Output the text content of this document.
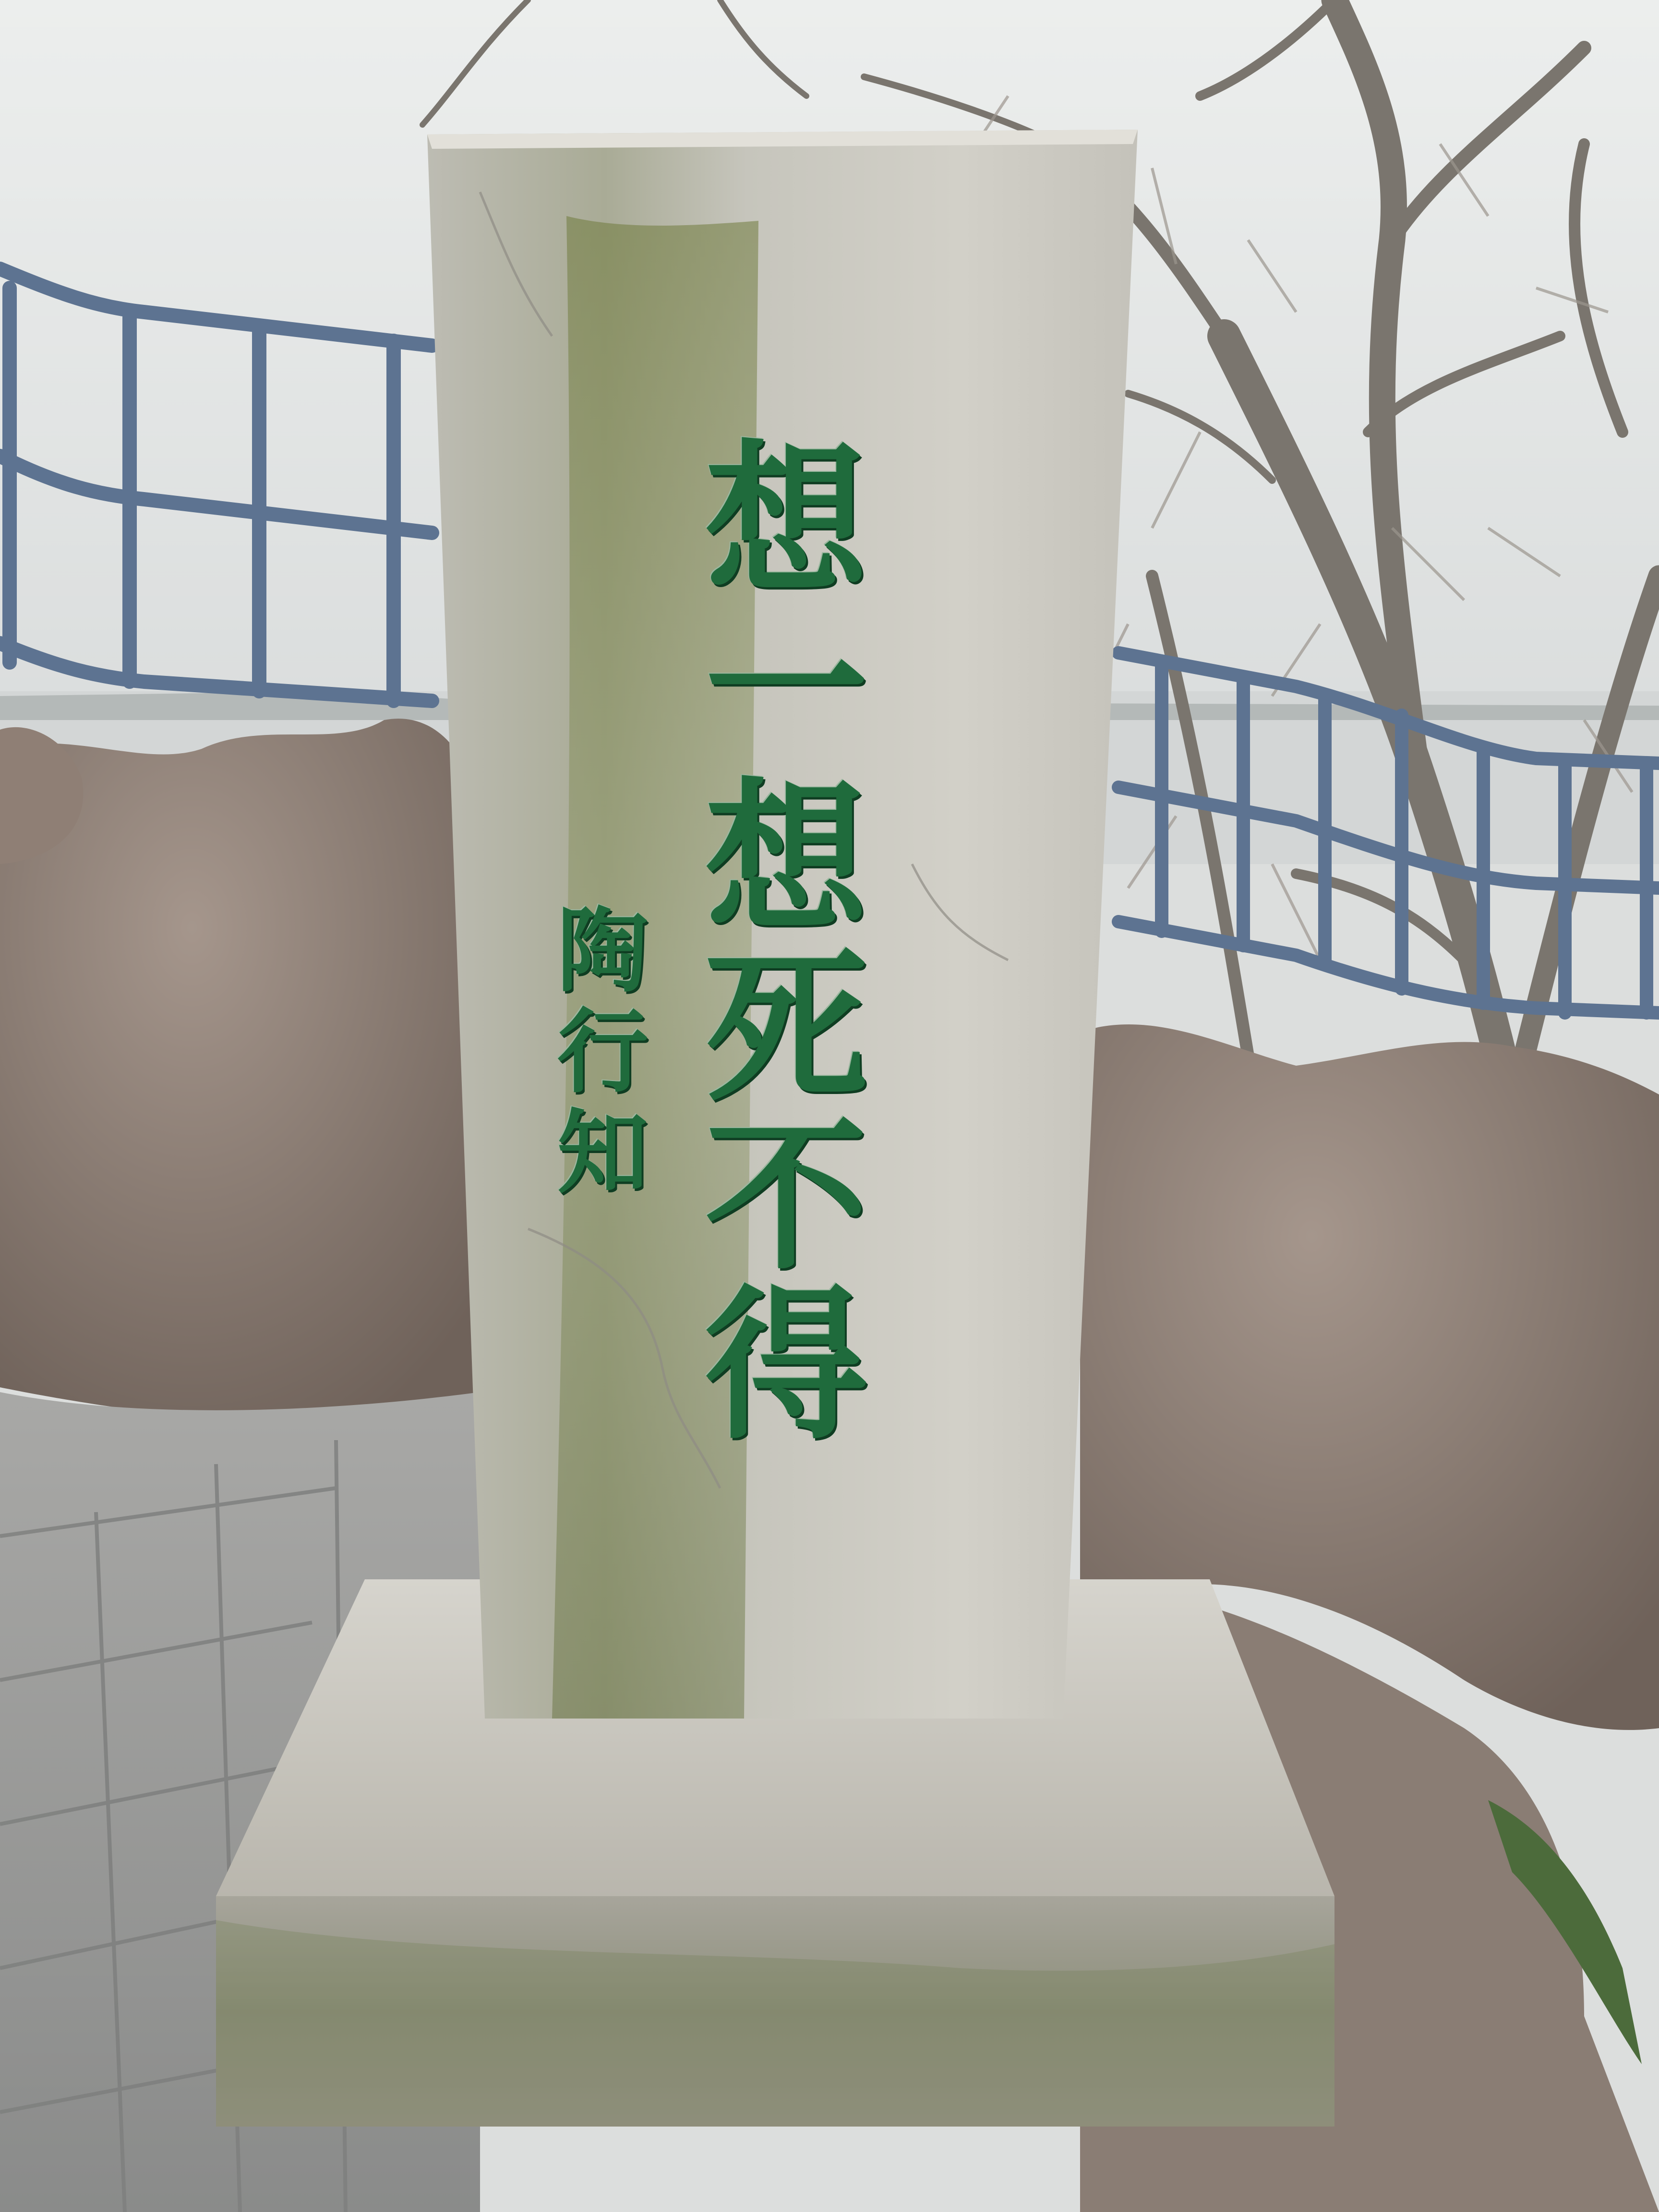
想一想死不得

陶行知
